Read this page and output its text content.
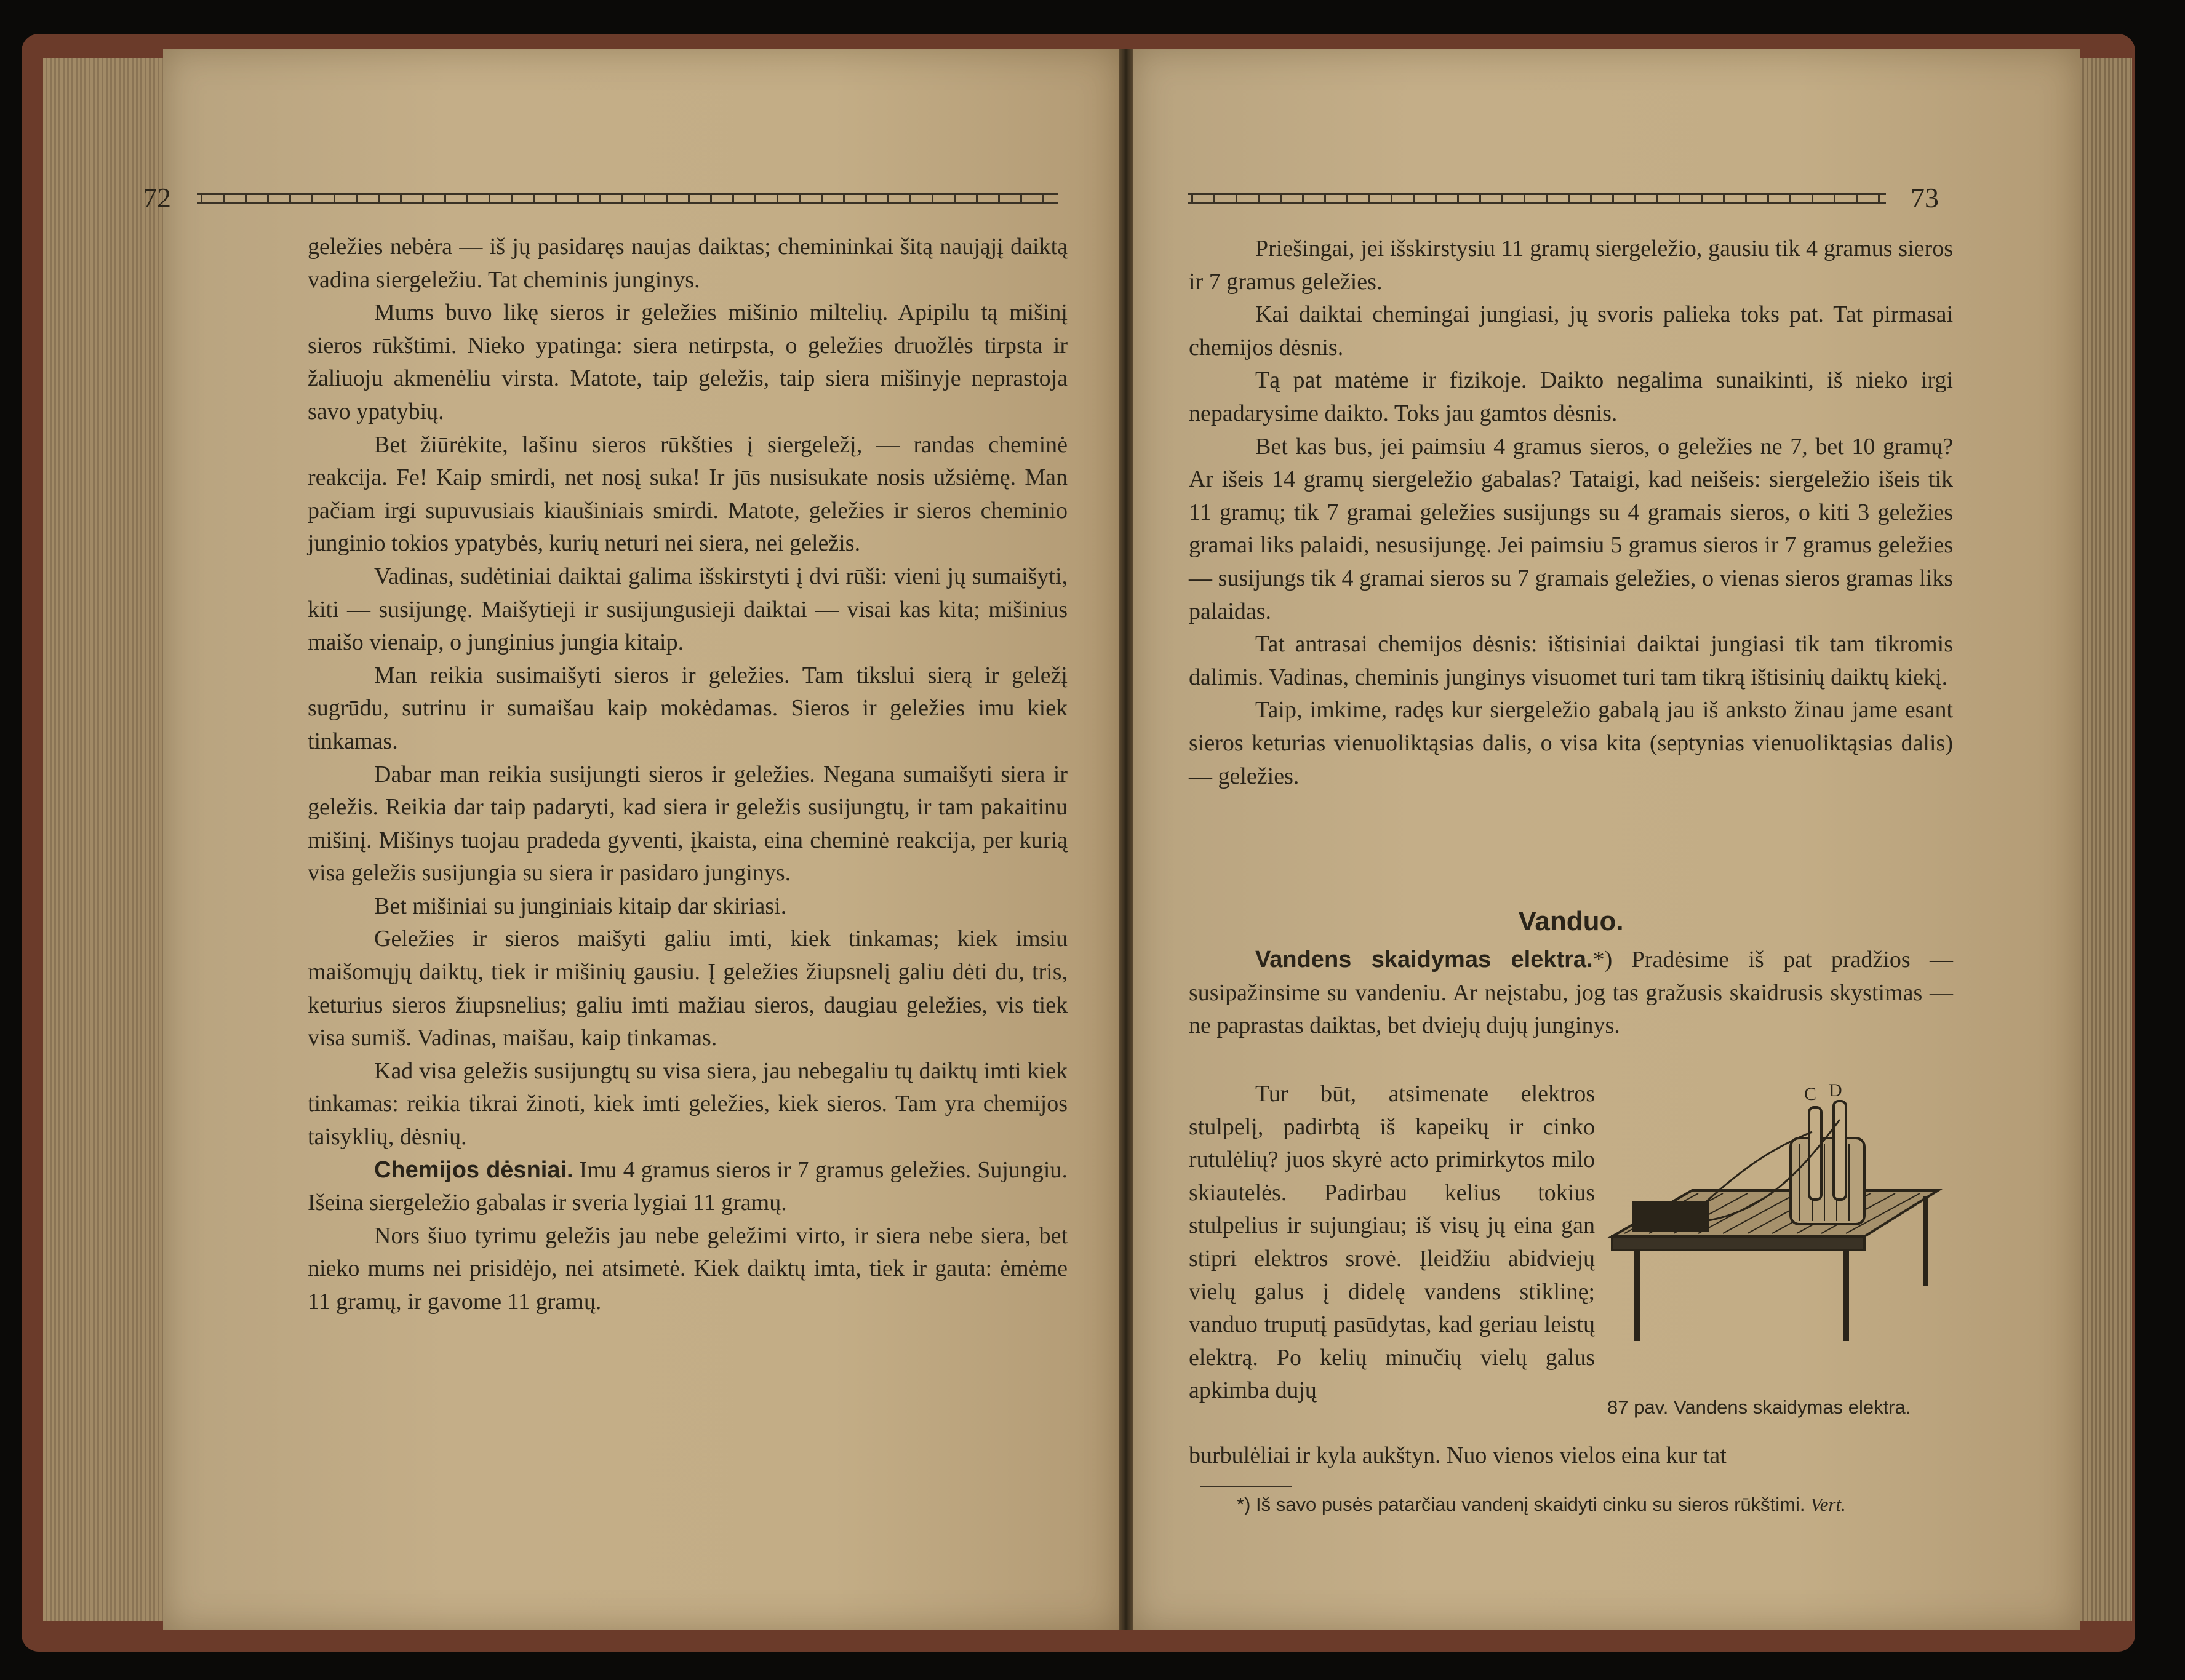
72	73

geležies nebėra — iš jų pasidaręs naujas daiktas; chemininkai šitą naująjį daiktą vadina siergeležiu. Tat cheminis junginys.

Mums buvo likę sieros ir geležies mišinio miltelių. Apipilu tą mišinį sieros rūkštimi. Nieko ypatinga: siera netirpsta, o geležies druožlės tirpsta ir žaliuoju akmenėliu virsta. Matote, taip geležis, taip siera mišinyje neprastoja savo ypatybių.

Bet žiūrėkite, lašinu sieros rūkšties į siergeležį, — randas cheminė reakcija. Fe! Kaip smirdi, net nosį suka! Ir jūs nusisukate nosis užsiėmę. Man pačiam irgi supuvusiais kiaušiniais smirdi. Matote, geležies ir sieros cheminio junginio tokios ypatybės, kurių neturi nei siera, nei geležis.

Vadinas, sudėtiniai daiktai galima išskirstyti į dvi rūši: vieni jų sumaišyti, kiti — susijungę. Maišytieji ir susijungusieji daiktai — visai kas kita; mišinius maišo vienaip, o junginius jungia kitaip.

Man reikia susimaišyti sieros ir geležies. Tam tikslui sierą ir geležį sugrūdu, sutrinu ir sumaišau kaip mokėdamas. Sieros ir geležies imu kiek tinkamas.

Dabar man reikia susijungti sieros ir geležies. Negana sumaišyti siera ir geležis. Reikia dar taip padaryti, kad siera ir geležis susijungtų, ir tam pakaitinu mišinį. Mišinys tuojau pradeda gyventi, įkaista, eina cheminė reakcija, per kurią visa geležis susijungia su siera ir pasidaro junginys.

Bet mišiniai su junginiais kitaip dar skiriasi.

Geležies ir sieros maišyti galiu imti, kiek tinkamas; kiek imsiu maišomųjų daiktų, tiek ir mišinių gausiu. Į geležies žiupsnelį galiu dėti du, tris, keturius sieros žiupsnelius; galiu imti mažiau sieros, daugiau geležies, vis tiek visa sumiš. Vadinas, maišau, kaip tinkamas.

Kad visa geležis susijungtų su visa siera, jau nebegaliu tų daiktų imti kiek tinkamas: reikia tikrai žinoti, kiek imti geležies, kiek sieros. Tam yra chemijos taisyklių, dėsnių.

Chemijos dėsniai. Imu 4 gramus sieros ir 7 gramus geležies. Sujungiu. Išeina siergeležio gabalas ir sveria lygiai 11 gramų.

Nors šiuo tyrimu geležis jau nebe geležimi virto, ir siera nebe siera, bet nieko mums nei prisidėjo, nei atsimetė. Kiek daiktų imta, tiek ir gauta: ėmėme 11 gramų, ir gavome 11 gramų.

Priešingai, jei išskirstysiu 11 gramų siergeležio, gausiu tik 4 gramus sieros ir 7 gramus geležies.

Kai daiktai chemingai jungiasi, jų svoris palieka toks pat. Tat pirmasai chemijos dėsnis.

Tą pat matėme ir fizikoje. Daikto negalima sunaikinti, iš nieko irgi nepadarysime daikto. Toks jau gamtos dėsnis.

Bet kas bus, jei paimsiu 4 gramus sieros, o geležies ne 7, bet 10 gramų? Ar išeis 14 gramų siergeležio gabalas? Tataigi, kad neišeis: siergeležio išeis tik 11 gramų; tik 7 gramai geležies susijungs su 4 gramais sieros, o kiti 3 geležies gramai liks palaidi, nesusijungę. Jei paimsiu 5 gramus sieros ir 7 gramus geležies — susijungs tik 4 gramai sieros su 7 gramais geležies, o vienas sieros gramas liks palaidas.

Tat antrasai chemijos dėsnis: ištisiniai daiktai jungiasi tik tam tikromis dalimis. Vadinas, cheminis junginys visuomet turi tam tikrą ištisinių daiktų kiekį.

Taip, imkime, radęs kur siergeležio gabalą jau iš anksto žinau jame esant sieros keturias vienuoliktąsias dalis, o visa kita (septynias vienuoliktąsias dalis) — geležies.

Vanduo.

Vandens skaidymas elektra.*) Pradėsime iš pat pradžios — susipažinsime su vandeniu. Ar neįstabu, jog tas gražusis skaidrusis skystimas — ne paprastas daiktas, bet dviejų dujų junginys.

Tur būt, atsimenate elektros stulpelį, padirbtą iš kapeikų ir cinko rutulėlių? juos skyrė acto primirkytos milo skiautelės. Padirbau kelius tokius stulpelius ir sujungiau; iš visų jų eina gan stipri elektros srovė. Įleidžiu abidviejų vielų galus į didelę vandens stiklinę; vanduo truputį pasūdytas, kad geriau leistų elektrą. Po kelių minučių vielų galus apkimba dujų

C D
87 pav. Vandens skaidymas elektra.

burbulėliai ir kyla aukštyn. Nuo vienos vielos eina kur tat

*) Iš savo pusės patarčiau vandenį skaidyti cinku su sieros rūkštimi. Vert.
